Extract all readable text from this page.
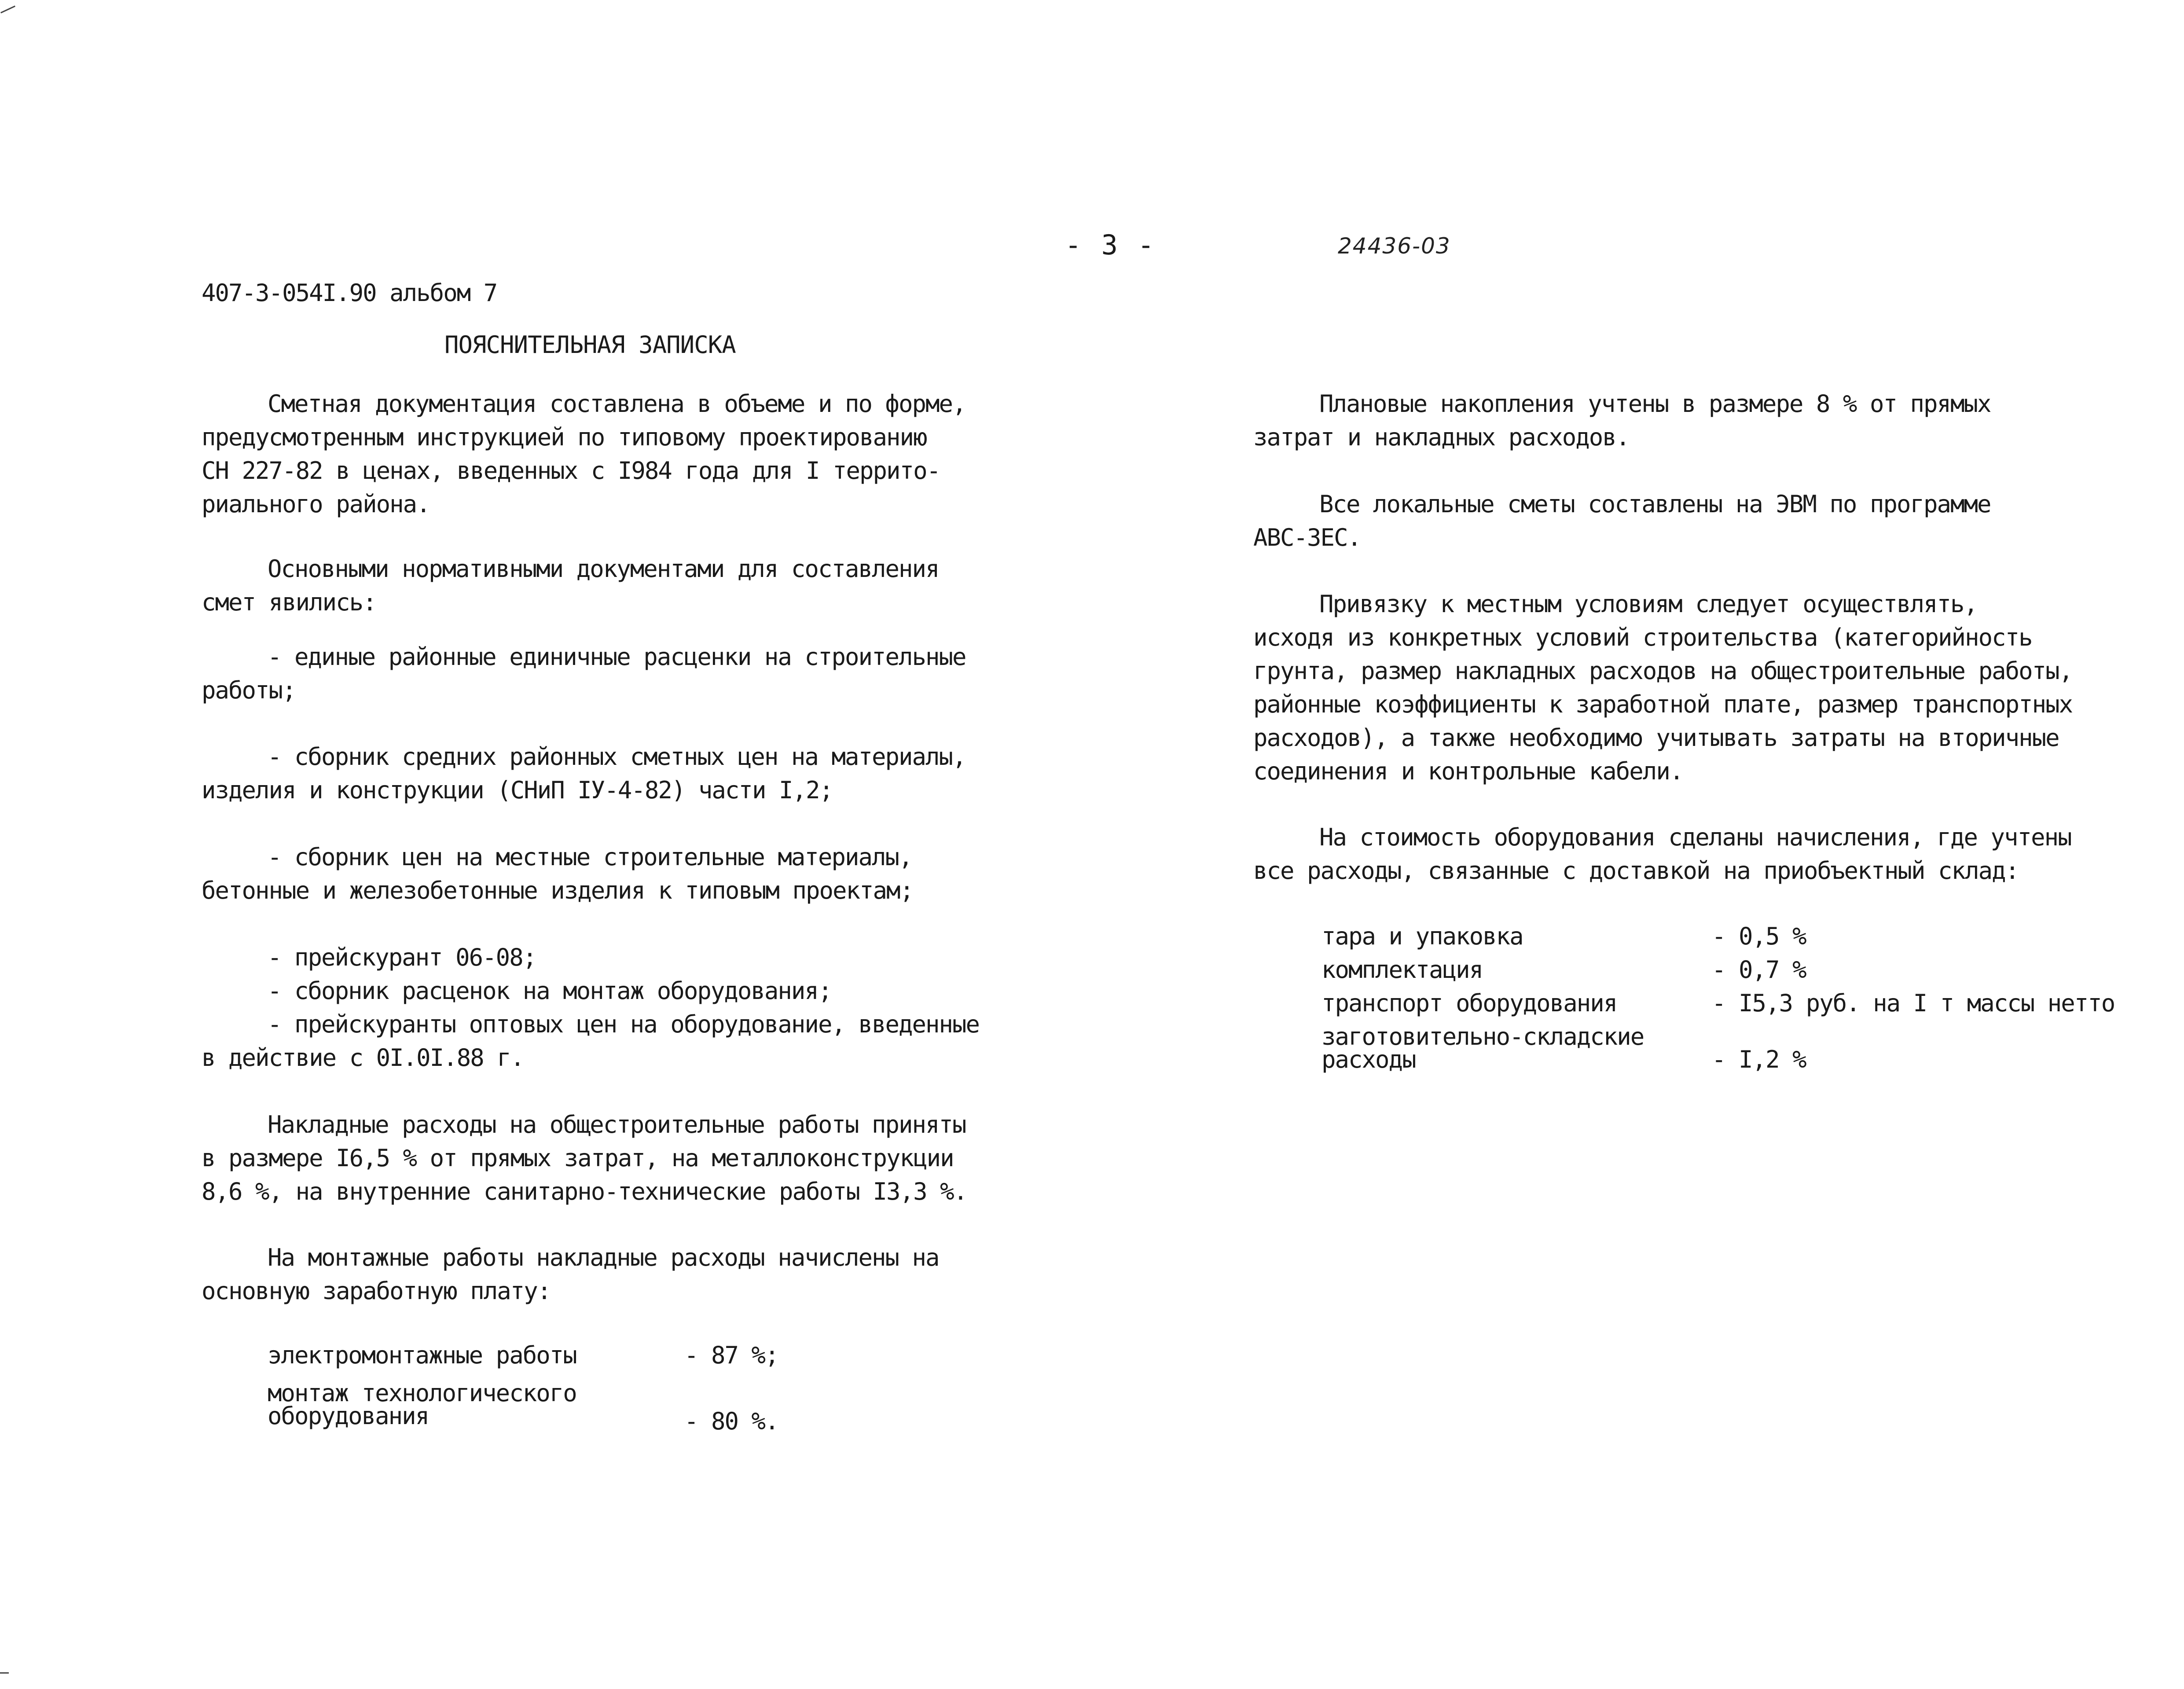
- 3 -	24436-03
407-3-054I.90 альбом 7
ПОЯСНИТЕЛЬНАЯ ЗАПИСКА
Сметная документация составлена в объеме и по форме,
предусмотренным инструкцией по типовому проектированию
СН 227-82 в ценах, введенных с I984 года для I террито-
риального района.
Основными нормативными документами для составления
смет явились:
- единые районные единичные расценки на строительные
работы;
- сборник средних районных сметных цен на материалы,
изделия и конструкции (СНиП IУ-4-82) части I,2;
- сборник цен на местные строительные материалы,
бетонные и железобетонные изделия к типовым проектам;
- прейскурант 06-08;
- сборник расценок на монтаж оборудования;
- прейскуранты оптовых цен на оборудование, введенные
в действие с 0I.0I.88 г.
Накладные расходы на общестроительные работы приняты
в размере I6,5 % от прямых затрат, на металлоконструкции
8,6 %, на внутренние санитарно-технические работы I3,3 %.
На монтажные работы накладные расходы начислены на
основную заработную плату:
электромонтажные работы	- 87 %;
монтаж технологического
оборудования	- 80 %.
Плановые накопления учтены в размере 8 % от прямых
затрат и накладных расходов.
Все локальные сметы составлены на ЭВМ по программе
АВС-ЗЕС.
Привязку к местным условиям следует осуществлять,
исходя из конкретных условий строительства (категорийность
грунта, размер накладных расходов на общестроительные работы,
районные коэффициенты к заработной плате, размер транспортных
расходов), а также необходимо учитывать затраты на вторичные
соединения и контрольные кабели.
На стоимость оборудования сделаны начисления, где учтены
все расходы, связанные с доставкой на приобъектный склад:
тара и упаковка	- 0,5 %
комплектация	- 0,7 %
транспорт оборудования	- I5,3 руб. на I т массы нетто
заготовительно-складские
расходы	- I,2 %
